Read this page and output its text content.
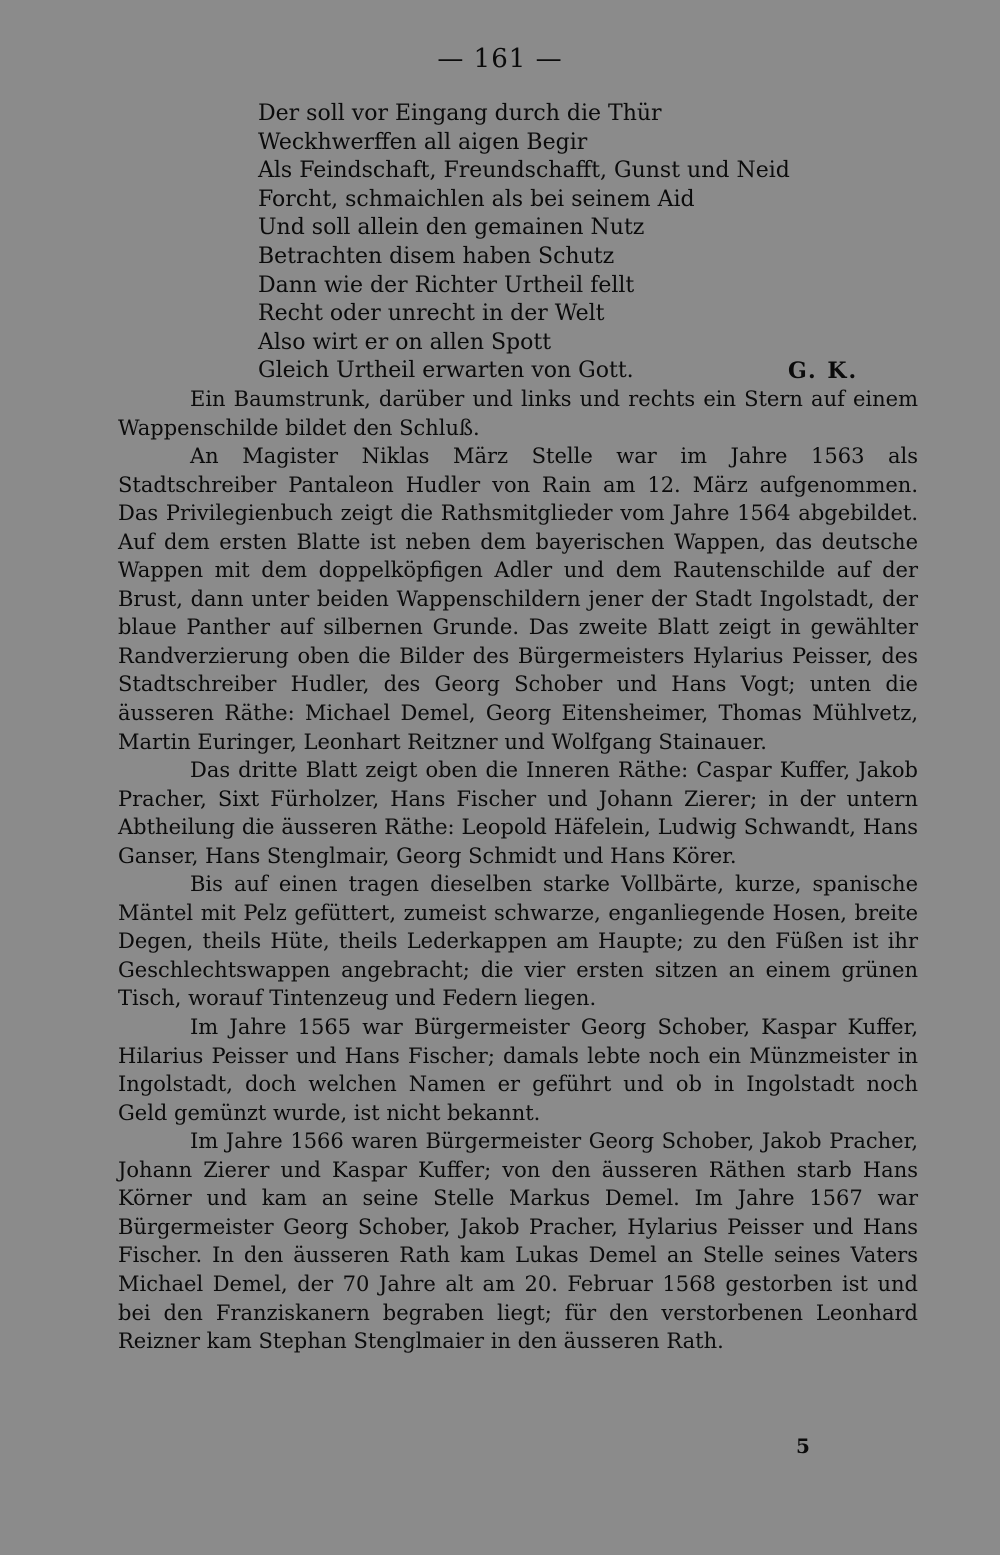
— 161 —
Der soll vor Eingang durch die Thür
Weckhwerffen all aigen Begir
Als Feindschaft, Freundschafft, Gunst und Neid
Forcht, schmaichlen als bei seinem Aid
Und soll allein den gemainen Nutz
Betrachten disem haben Schutz
Dann wie der Richter Urtheil fellt
Recht oder unrecht in der Welt
Also wirt er on allen Spott
Gleich Urtheil erwarten von Gott.	G. K.

Ein Baumstrunk, darüber und links und rechts ein Stern auf einem Wappenschilde bildet den Schluß.

An Magister Niklas März Stelle war im Jahre 1563 als Stadtschreiber Pantaleon Hudler von Rain am 12. März aufgenommen. Das Privilegienbuch zeigt die Rathsmitglieder vom Jahre 1564 abgebildet. Auf dem ersten Blatte ist neben dem bayerischen Wappen, das deutsche Wappen mit dem doppelköpfigen Adler und dem Rautenschilde auf der Brust, dann unter beiden Wappenschildern jener der Stadt Ingolstadt, der blaue Panther auf silbernen Grunde. Das zweite Blatt zeigt in gewählter Randverzierung oben die Bilder des Bürgermeisters Hylarius Peisser, des Stadtschreiber Hudler, des Georg Schober und Hans Vogt; unten die äusseren Räthe: Michael Demel, Georg Eitensheimer, Thomas Mühlvetz, Martin Euringer, Leonhart Reitzner und Wolfgang Stainauer.

Das dritte Blatt zeigt oben die Inneren Räthe: Caspar Kuffer, Jakob Pracher, Sixt Fürholzer, Hans Fischer und Johann Zierer; in der untern Abtheilung die äusseren Räthe: Leopold Häfelein, Ludwig Schwandt, Hans Ganser, Hans Stenglmair, Georg Schmidt und Hans Körer.

Bis auf einen tragen dieselben starke Vollbärte, kurze, spanische Mäntel mit Pelz gefüttert, zumeist schwarze, enganliegende Hosen, breite Degen, theils Hüte, theils Lederkappen am Haupte; zu den Füßen ist ihr Geschlechtswappen angebracht; die vier ersten sitzen an einem grünen Tisch, worauf Tintenzeug und Federn liegen.

Im Jahre 1565 war Bürgermeister Georg Schober, Kaspar Kuffer, Hilarius Peisser und Hans Fischer; damals lebte noch ein Münzmeister in Ingolstadt, doch welchen Namen er geführt und ob in Ingolstadt noch Geld gemünzt wurde, ist nicht bekannt.

Im Jahre 1566 waren Bürgermeister Georg Schober, Jakob Pracher, Johann Zierer und Kaspar Kuffer; von den äusseren Räthen starb Hans Körner und kam an seine Stelle Markus Demel. Im Jahre 1567 war Bürgermeister Georg Schober, Jakob Pracher, Hylarius Peisser und Hans Fischer. In den äusseren Rath kam Lukas Demel an Stelle seines Vaters Michael Demel, der 70 Jahre alt am 20. Februar 1568 gestorben ist und bei den Franziskanern begraben liegt; für den verstorbenen Leonhard Reizner kam Stephan Stenglmaier in den äusseren Rath.

5
